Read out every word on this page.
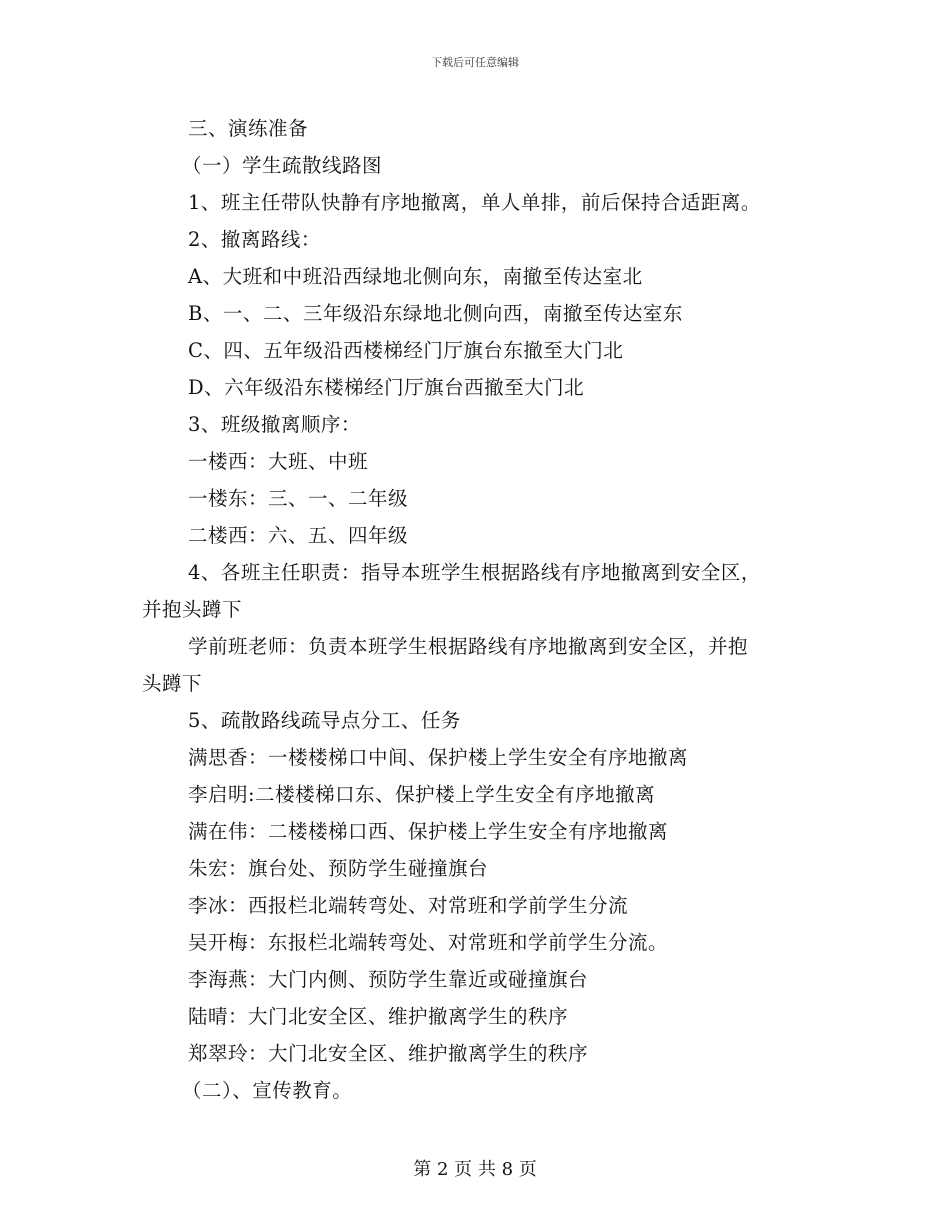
下载后可任意编辑
三、演练准备
（一）学生疏散线路图
1、班主任带队快静有序地撤离，单人单排，前后保持合适距离。
2、撤离路线：
A、大班和中班沿西绿地北侧向东，南撤至传达室北
B、一、二、三年级沿东绿地北侧向西，南撤至传达室东
C、四、五年级沿西楼梯经门厅旗台东撤至大门北
D、六年级沿东楼梯经门厅旗台西撤至大门北
3、班级撤离顺序：
一楼西：大班、中班
一楼东：三、一、二年级
二楼西：六、五、四年级
4、各班主任职责：指导本班学生根据路线有序地撤离到安全区，
并抱头蹲下
学前班老师：负责本班学生根据路线有序地撤离到安全区，并抱
头蹲下
5、疏散路线疏导点分工、任务
满思香：一楼楼梯口中间、保护楼上学生安全有序地撤离
李启明:二楼楼梯口东、保护楼上学生安全有序地撤离
满在伟：二楼楼梯口西、保护楼上学生安全有序地撤离
朱宏：旗台处、预防学生碰撞旗台
李冰：西报栏北端转弯处、对常班和学前学生分流
吴开梅：东报栏北端转弯处、对常班和学前学生分流。
李海燕：大门内侧、预防学生靠近或碰撞旗台
陆晴：大门北安全区、维护撤离学生的秩序
郑翠玲：大门北安全区、维护撤离学生的秩序
（二）、宣传教育。
第 2 页 共 8 页
